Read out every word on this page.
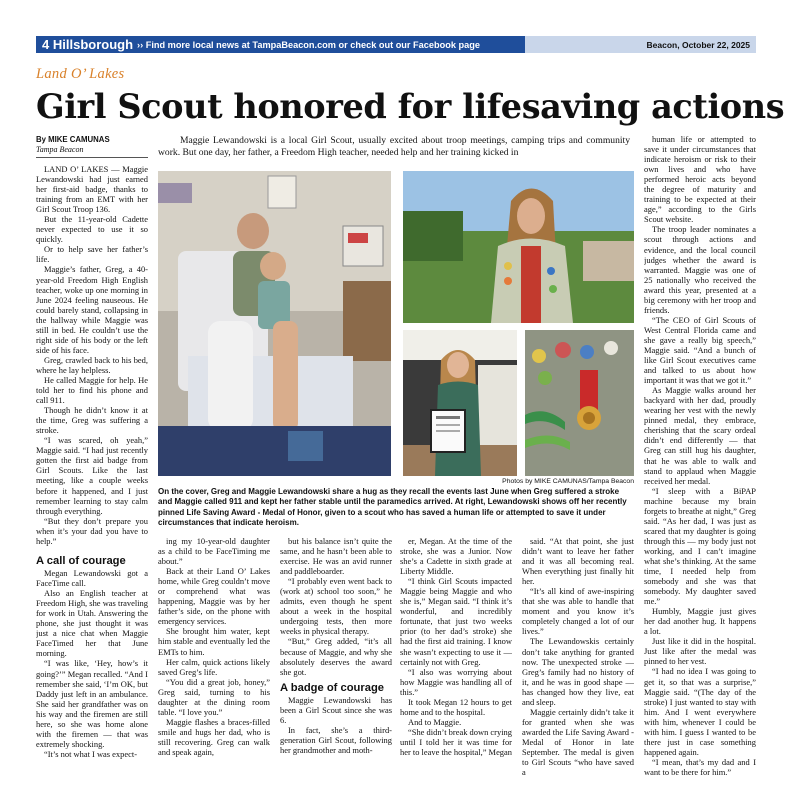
4 Hillsborough ›› Find more local news at TampaBeacon.com or check out our Facebook page	Beacon, October 22, 2025
Land O’ Lakes
Girl Scout honored for lifesaving actions
By MIKE CAMUNAS
Tampa Beacon
Maggie Lewandowski is a local Girl Scout, usually excited about troop meetings, camping trips and community work. But one day, her father, a Freedom High teacher, needed help and her training kicked in

LAND O’ LAKES — Maggie Lewandowski had just earned her first-aid badge, thanks to training from an EMT with her Girl Scout Troop 136.

But the 11-year-old Cadette never expected to use it so quickly.

Or to help save her father’s life.

Maggie’s father, Greg, a 40-year-old Freedom High English teacher, woke up one morning in June 2024 feeling nauseous. He could barely stand, collapsing in the hallway while Maggie was still in bed. He couldn’t use the right side of his body or the left side of his face.

Greg, crawled back to his bed, where he lay helpless.

He called Maggie for help. He told her to find his phone and call 911.

Though he didn’t know it at the time, Greg was suffering a stroke.

“I was scared, oh yeah,” Maggie said. “I had just recently gotten the first aid badge from Girl Scouts. Like the last meeting, like a couple weeks before it happened, and I just remember learning to stay calm through everything.

“But they don’t prepare you when it’s your dad you have to help.”

A call of courage

Megan Lewandowski got a FaceTime call.

Also an English teacher at Freedom High, she was traveling for work in Utah. Answering the phone, she just thought it was just a nice chat when Maggie FaceTimed her that June morning.

“I was like, ‘Hey, how’s it going?’” Megan recalled. “And I remember she said, ‘I’m OK, but Daddy just left in an ambulance. She said her grandfather was on his way and the firemen are still here, so she was home alone with the firemen — that was extremely shocking.

“It’s not what I was expect-

Photos by MIKE CAMUNAS/Tampa Beacon
On the cover, Greg and Maggie Lewandowski share a hug as they recall the events last June when Greg suffered a stroke and Maggie called 911 and kept her father stable until the paramedics arrived. At right, Lewandowski shows off her recently pinned Life Saving Award - Medal of Honor, given to a scout who has saved a human life or attempted to save it under circumstances that indicate heroism.

ing my 10-year-old daughter as a child to be FaceTiming me about.”

Back at their Land O’ Lakes home, while Greg couldn’t move or comprehend what was happening, Maggie was by her father’s side, on the phone with emergency services.

She brought him water, kept him stable and eventually led the EMTs to him.

Her calm, quick actions likely saved Greg’s life.

“You did a great job, honey,” Greg said, turning to his daughter at the dining room table. “I love you.”

Maggie flashes a braces-filled smile and hugs her dad, who is still recovering. Greg can walk and speak again,

but his balance isn’t quite the same, and he hasn’t been able to exercise. He was an avid runner and paddleboarder.

“I probably even went back to (work at) school too soon,” he admits, even though he spent about a week in the hospital undergoing tests, then more weeks in physical therapy.

“But,” Greg added, “it’s all because of Maggie, and why she absolutely deserves the award she got.

A badge of courage

Maggie Lewandowski has been a Girl Scout since she was 6.

In fact, she’s a third-generation Girl Scout, following her grandmother and moth-

er, Megan. At the time of the stroke, she was a Junior. Now she’s a Cadette in sixth grade at Liberty Middle.

“I think Girl Scouts impacted Maggie being Maggie and who she is,” Megan said. “I think it’s wonderful, and incredibly fortunate, that just two weeks prior (to her dad’s stroke) she had the first aid training. I know she wasn’t expecting to use it — certainly not with Greg.

“I also was worrying about how Maggie was handling all of this.”

It took Megan 12 hours to get home and to the hospital.

And to Maggie.

“She didn’t break down crying until I told her it was time for her to leave the hospital,” Megan

said. “At that point, she just didn’t want to leave her father and it was all becoming real. When everything just finally hit her.

“It’s all kind of awe-inspiring that she was able to handle that moment and you know it’s completely changed a lot of our lives.”

The Lewandowskis certainly don’t take anything for granted now. The unexpected stroke — Greg’s family had no history of it, and he was in good shape — has changed how they live, eat and sleep.

Maggie certainly didn’t take it for granted when she was awarded the Life Saving Award - Medal of Honor in late September. The medal is given to Girl Scouts “who have saved a

human life or attempted to save it under circumstances that indicate heroism or risk to their own lives and who have performed heroic acts beyond the degree of maturity and training to be expected at their age,” according to the Girls Scout website.

The troop leader nominates a scout through actions and evidence, and the local council judges whether the award is warranted. Maggie was one of 25 nationally who received the award this year, presented at a big ceremony with her troop and friends.

“The CEO of Girl Scouts of West Central Florida came and she gave a really big speech,” Maggie said. “And a bunch of like Girl Scout executives came and talked to us about how important it was that we got it.”

As Maggie walks around her backyard with her dad, proudly wearing her vest with the newly pinned medal, they embrace, cherishing that the scary ordeal didn’t end differently — that Greg can still hug his daughter, that he was able to walk and stand to applaud when Maggie received her medal.

“I sleep with a BiPAP machine because my brain forgets to breathe at night,” Greg said. “As her dad, I was just as scared that my daughter is going through this — my body just not working, and I can’t imagine what she’s thinking. At the same time, I needed help from somebody and she was that somebody. My daughter saved me.”

Humbly, Maggie just gives her dad another hug. It happens a lot.

Just like it did in the hospital. Just like after the medal was pinned to her vest.

“I had no idea I was going to get it, so that was a surprise,” Maggie said. “(The day of the stroke) I just wanted to stay with him. And I went everywhere with him, whenever I could be with him. I guess I wanted to be there just in case something happened again.

“I mean, that’s my dad and I want to be there for him.”
